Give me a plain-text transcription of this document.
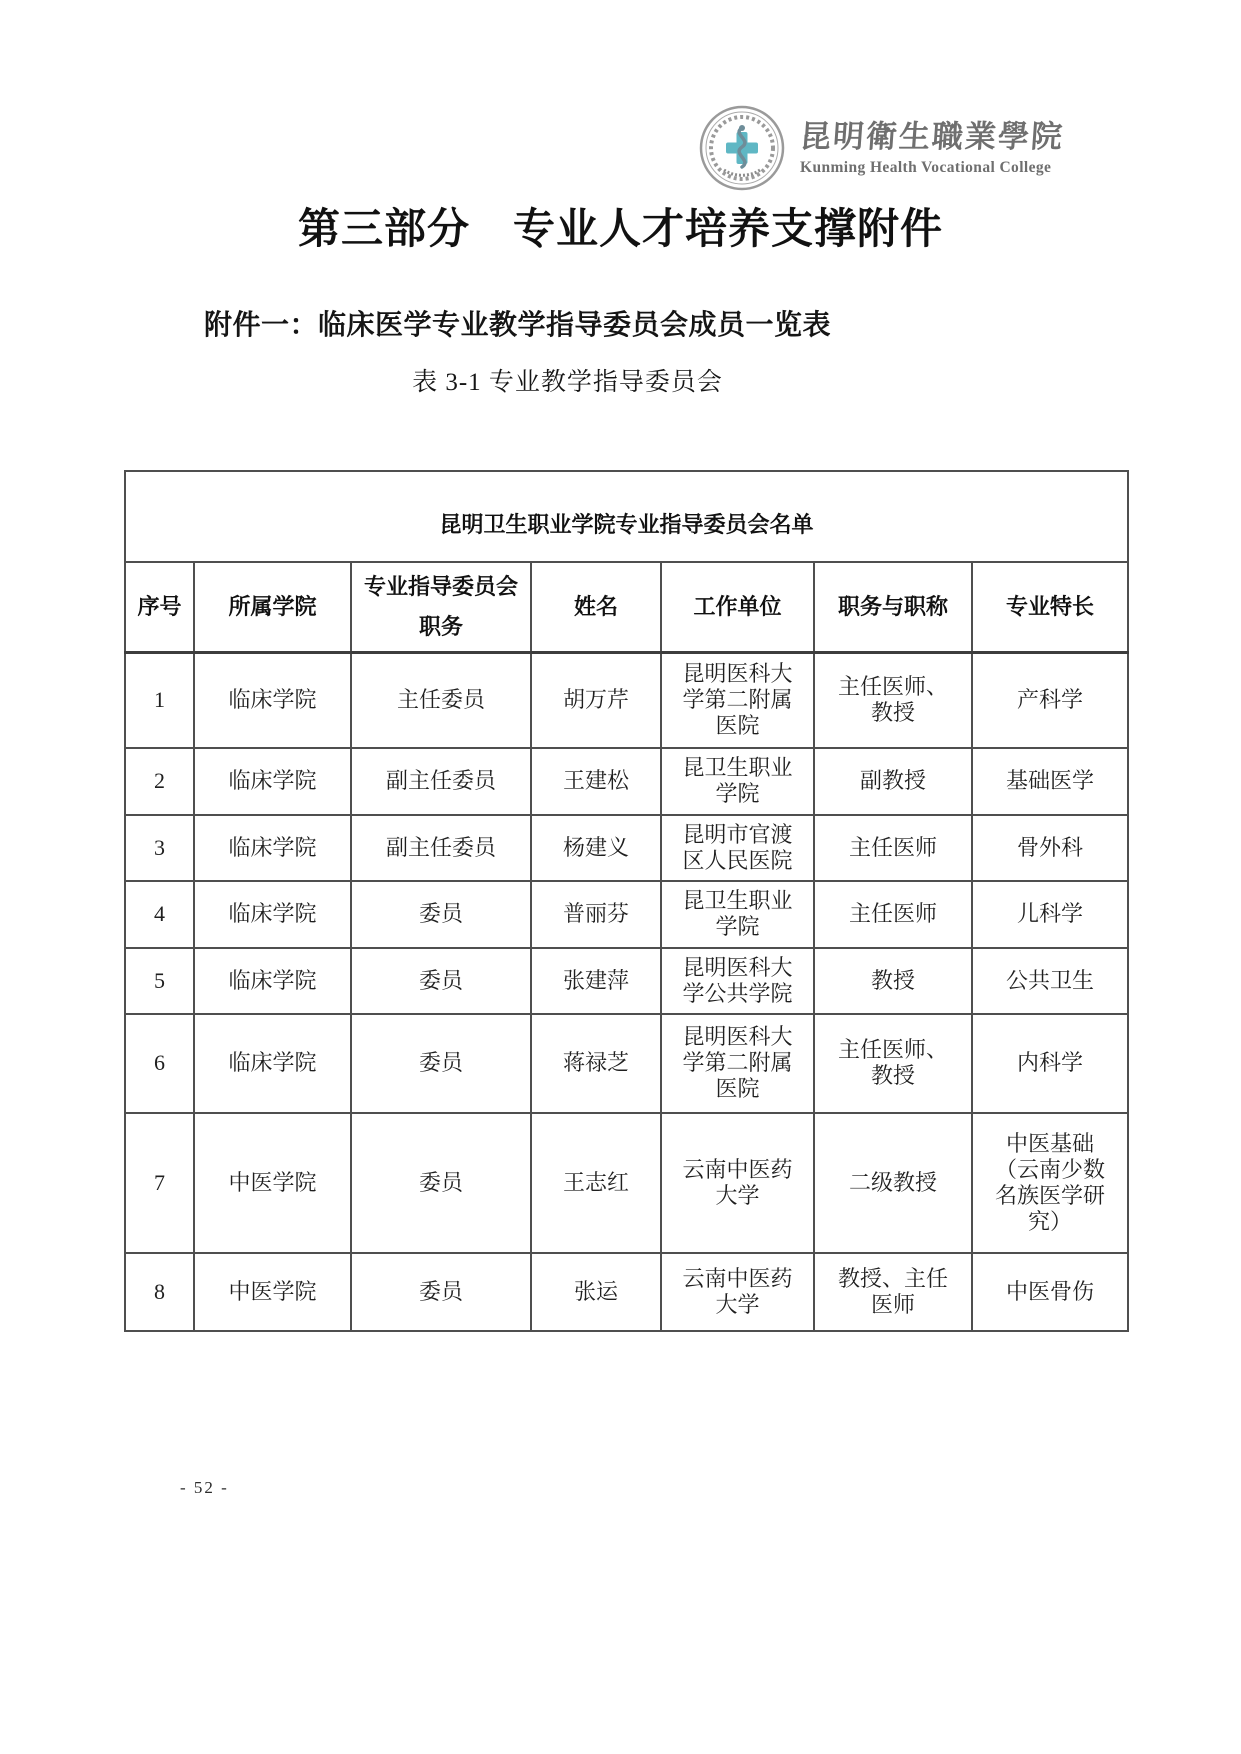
昆明衛生職業學院
Kunming Health Vocational College
第三部分　专业人才培养支撑附件
附件一：临床医学专业教学指导委员会成员一览表
表 3-1 专业教学指导委员会
昆明卫生职业学院专业指导委员会名单						
序号	所属学院	专业指导委员会职务	姓名	工作单位	职务与职称	专业特长
1	临床学院	主任委员	胡万芹	昆明医科大学第二附属医院	主任医师、教授	产科学
2	临床学院	副主任委员	王建松	昆卫生职业学院	副教授	基础医学
3	临床学院	副主任委员	杨建义	昆明市官渡区人民医院	主任医师	骨外科
4	临床学院	委员	普丽芬	昆卫生职业学院	主任医师	儿科学
5	临床学院	委员	张建萍	昆明医科大学公共学院	教授	公共卫生
6	临床学院	委员	蒋禄芝	昆明医科大学第二附属医院	主任医师、教授	内科学
7	中医学院	委员	王志红	云南中医药大学	二级教授	中医基础（云南少数名族医学研究）
8	中医学院	委员	张运	云南中医药大学	教授、主任医师	中医骨伤
- 52 -
